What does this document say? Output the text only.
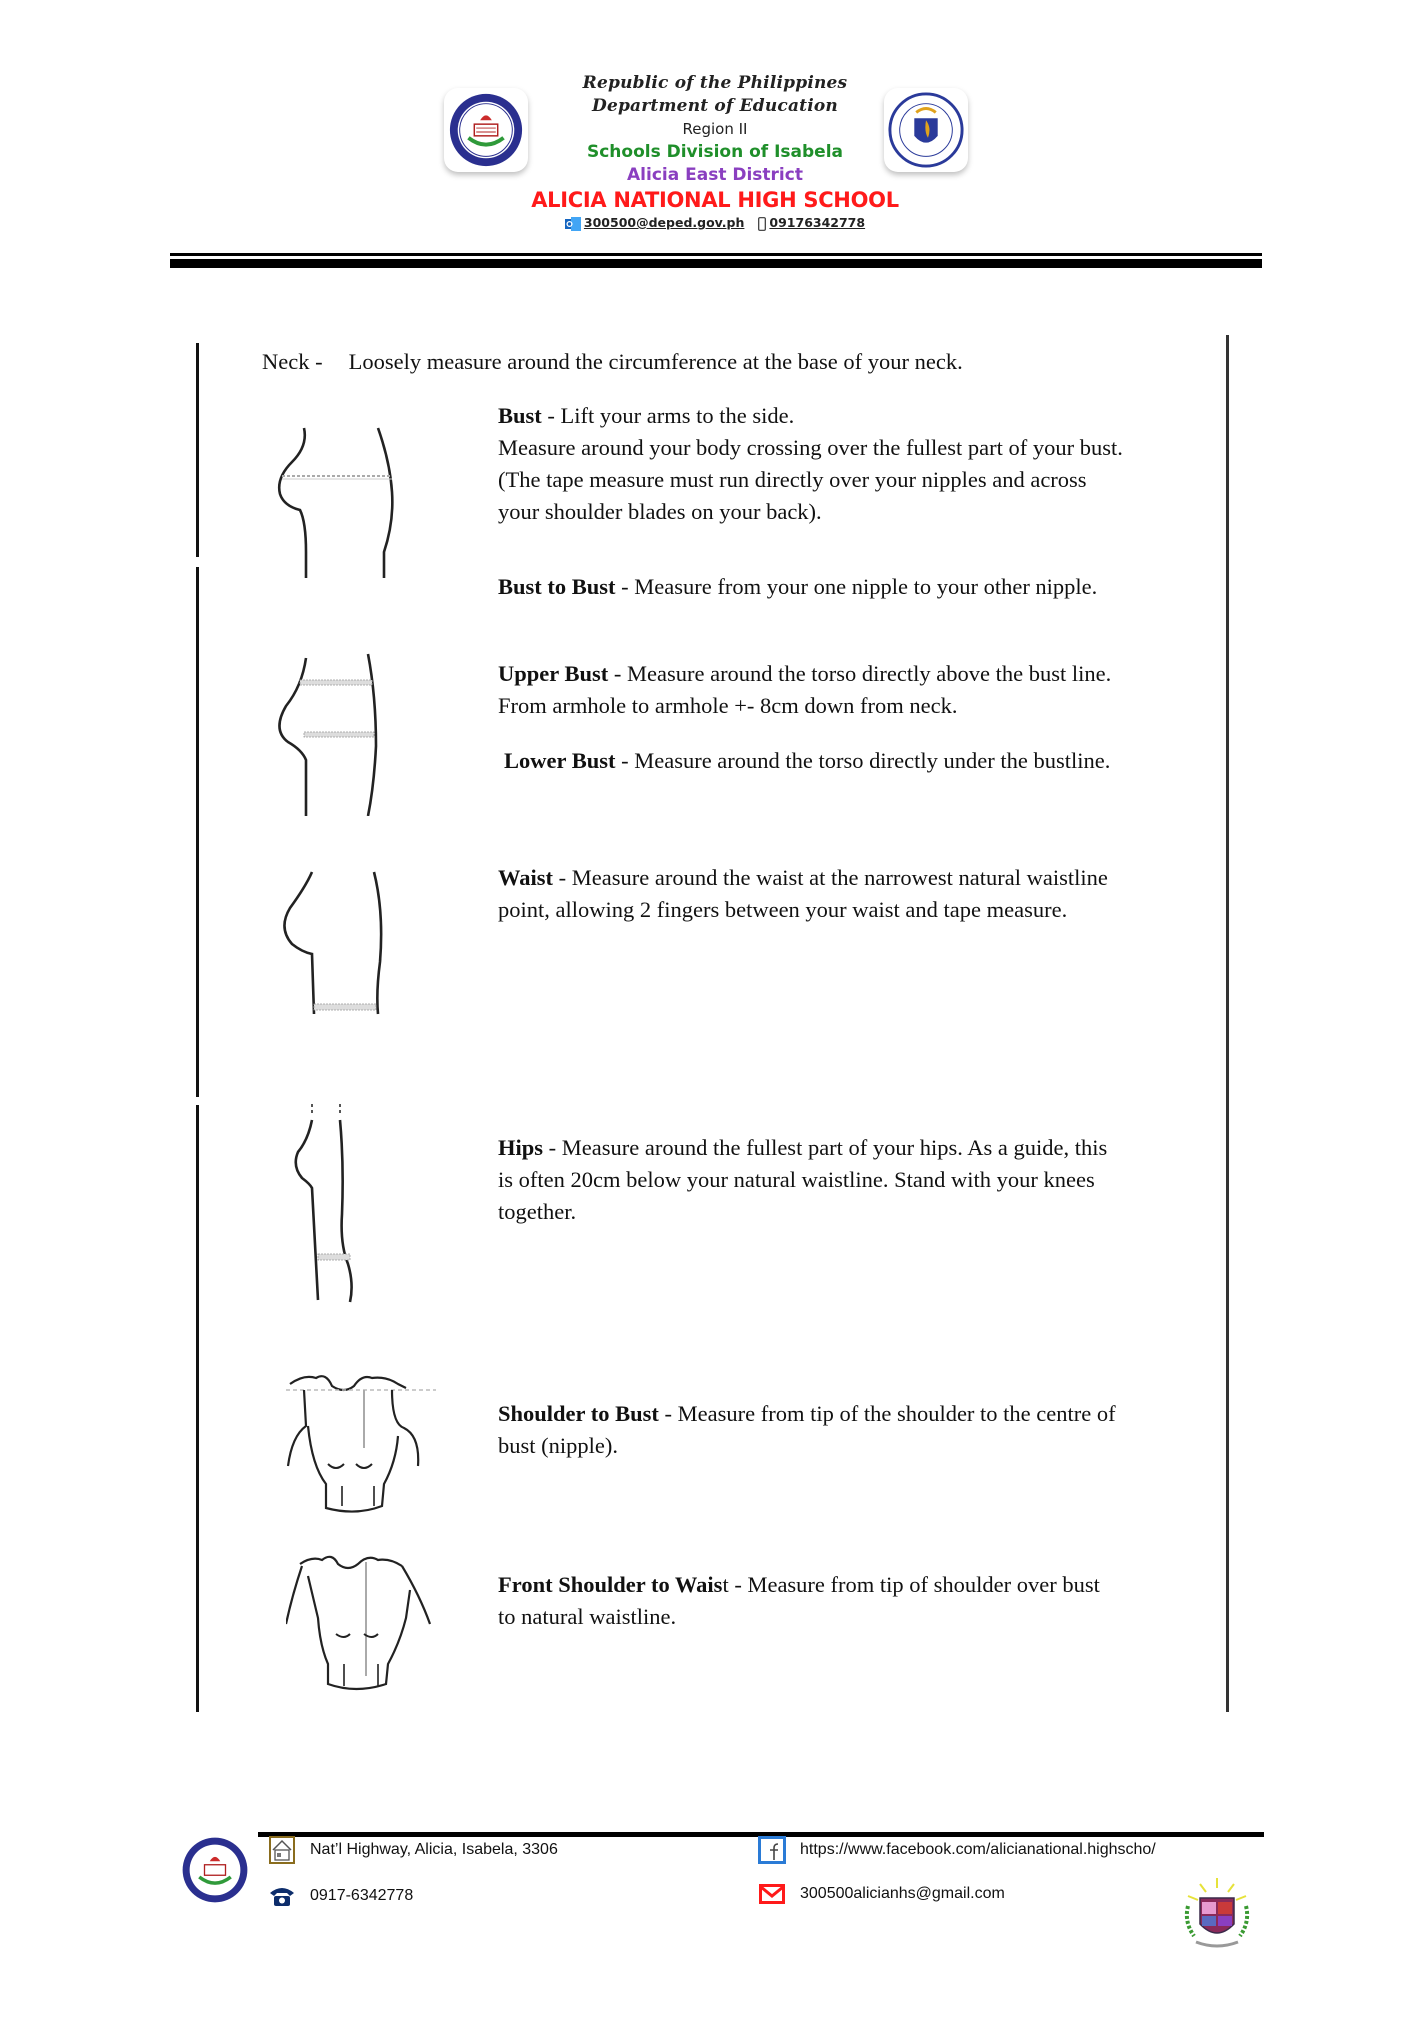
Republic of the Philippines
Department of Education
Region II
Schools Division of Isabela
Alicia East District
ALICIA NATIONAL HIGH SCHOOL
300500@deped.gov.ph	09176342778
Neck - Loosely measure around the circumference at the base of your neck.
Bust - Lift your arms to the side.
Measure around your body crossing over the fullest part of your bust.
(The tape measure must run directly over your nipples and across
your shoulder blades on your back).
Bust to Bust - Measure from your one nipple to your other nipple.
Upper Bust - Measure around the torso directly above the bust line.
From armhole to armhole +- 8cm down from neck.
Lower Bust - Measure around the torso directly under the bustline.
Waist - Measure around the waist at the narrowest natural waistline
point, allowing 2 fingers between your waist and tape measure.
Hips - Measure around the fullest part of your hips. As a guide, this
is often 20cm below your natural waistline. Stand with your knees
together.
Shoulder to Bust - Measure from tip of the shoulder to the centre of
bust (nipple).
Front Shoulder to Waist - Measure from tip of shoulder over bust
to natural waistline.
Nat’l Highway, Alicia, Isabela, 3306
0917-6342778
https://www.facebook.com/alicianational.highscho/
300500alicianhs@gmail.com
